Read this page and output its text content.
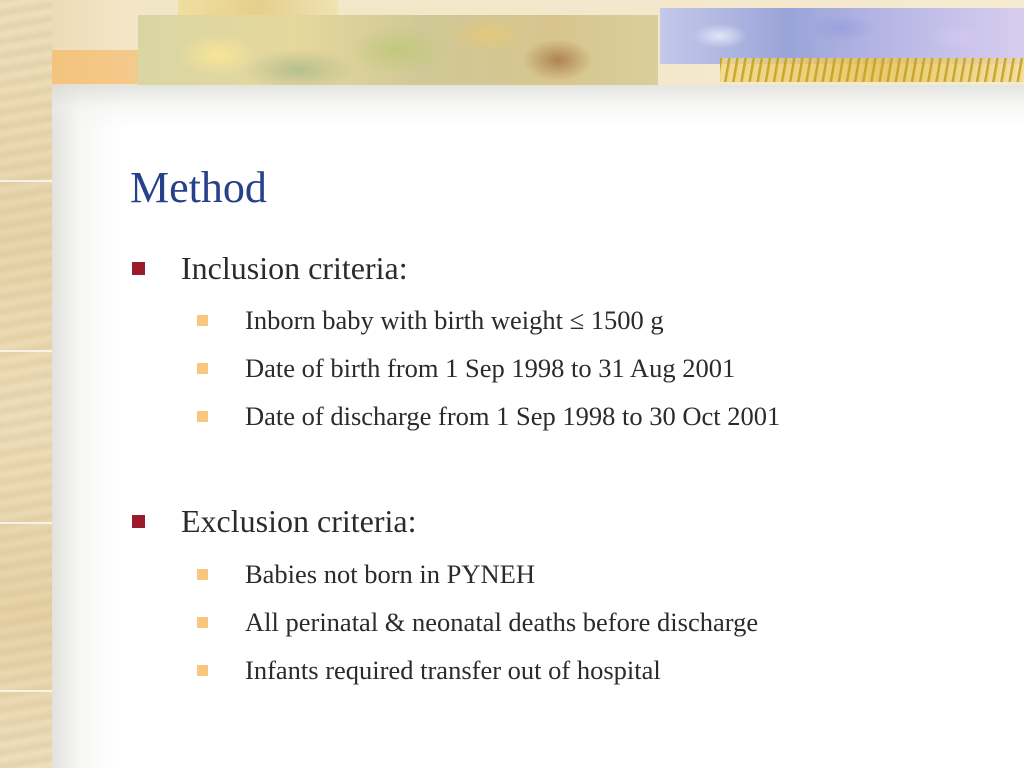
Method
Inclusion criteria:
Inborn baby with birth weight ≤ 1500 g
Date of birth from 1 Sep 1998 to 31 Aug 2001
Date of discharge from 1 Sep 1998 to 30 Oct 2001
Exclusion criteria:
Babies not born in PYNEH
All perinatal & neonatal deaths before discharge
Infants required transfer out of hospital
